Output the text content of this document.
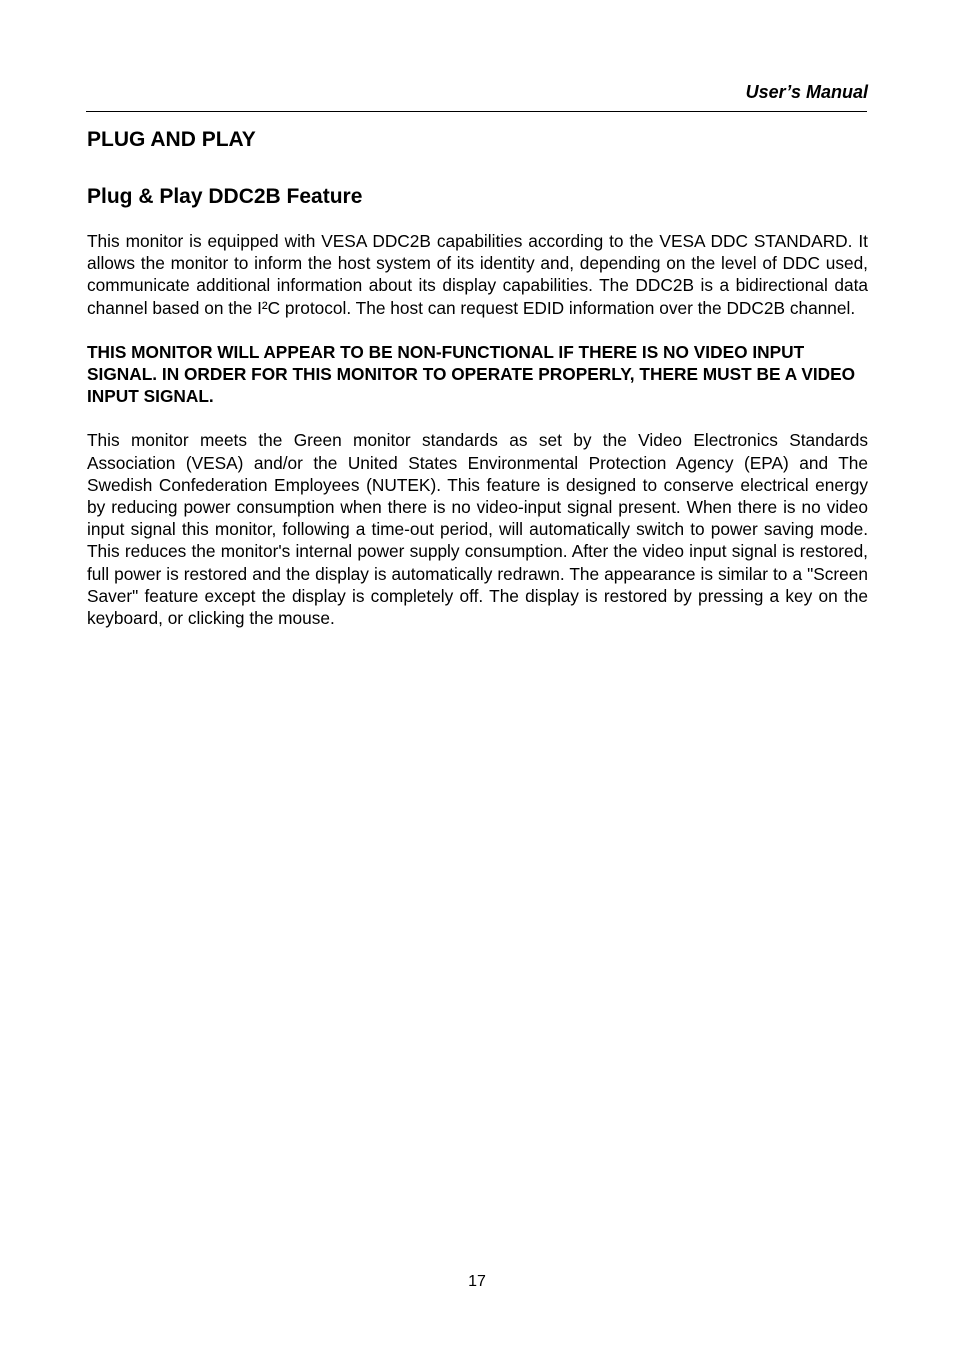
User’s Manual
PLUG AND PLAY
Plug & Play DDC2B Feature

This monitor is equipped with VESA DDC2B capabilities according to the VESA DDC STANDARD. It allows the monitor to inform the host system of its identity and, depending on the level of DDC used, communicate additional information about its display capabilities. The DDC2B is a bidirectional data channel based on the I²C protocol. The host can request EDID information over the DDC2B channel.

THIS MONITOR WILL APPEAR TO BE NON-FUNCTIONAL IF THERE IS NO VIDEO INPUT SIGNAL. IN ORDER FOR THIS MONITOR TO OPERATE PROPERLY, THERE MUST BE A VIDEO INPUT SIGNAL.

This monitor meets the Green monitor standards as set by the Video Electronics Standards Association (VESA) and/or the United States Environmental Protection Agency (EPA) and The Swedish Confederation Employees (NUTEK). This feature is designed to conserve electrical energy by reducing power consumption when there is no video-input signal present. When there is no video input signal this monitor, following a time-out period, will automatically switch to power saving mode. This reduces the monitor's internal power supply consumption. After the video input signal is restored, full power is restored and the display is automatically redrawn. The appearance is similar to a "Screen Saver" feature except the display is completely off. The display is restored by pressing a key on the keyboard, or clicking the mouse.

17
